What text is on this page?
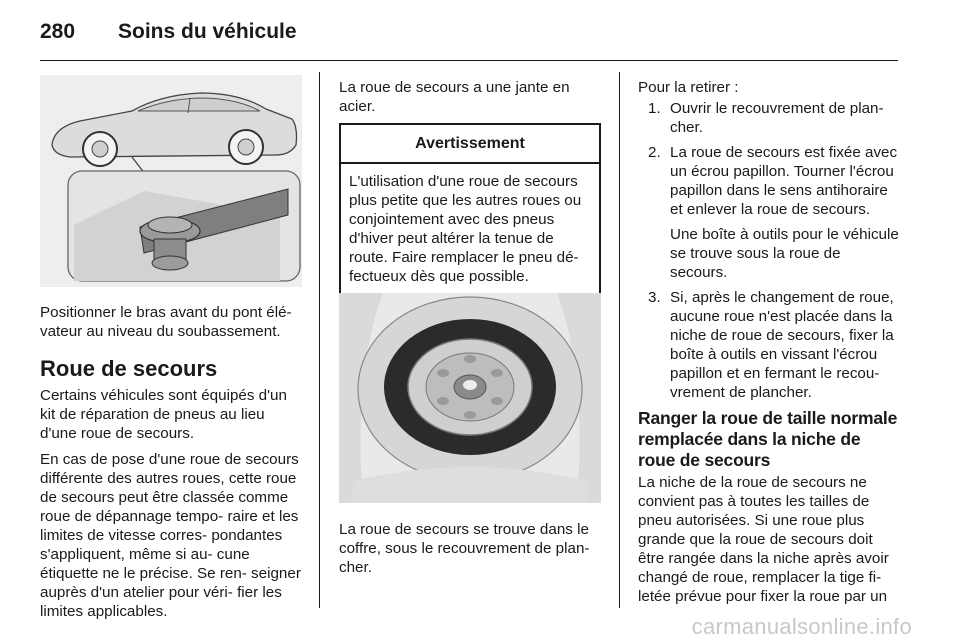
280 Soins du véhicule

Positionner le bras avant du pont élé- vateur au niveau du soubassement.

Roue de secours

Certains véhicules sont équipés d'un kit de réparation de pneus au lieu d'une roue de secours.

En cas de pose d'une roue de secours différente des autres roues, cette roue de secours peut être classée comme roue de dépannage tempo- raire et les limites de vitesse corres- pondantes s'appliquent, même si au- cune étiquette ne le précise. Se ren- seigner auprès d'un atelier pour véri- fier les limites applicables.

La roue de secours a une jante en acier.

Avertissement
L'utilisation d'une roue de secours plus petite que les autres roues ou conjointement avec des pneus d'hiver peut altérer la tenue de route. Faire remplacer le pneu dé- fectueux dès que possible.

La roue de secours se trouve dans le coffre, sous le recouvrement de plan- cher.

Pour la retirer :

1. Ouvrir le recouvrement de plan- cher.

2. La roue de secours est fixée avec un écrou papillon. Tourner l'écrou papillon dans le sens antihoraire et enlever la roue de secours.

Une boîte à outils pour le véhicule se trouve sous la roue de secours.

3. Si, après le changement de roue, aucune roue n'est placée dans la niche de roue de secours, fixer la boîte à outils en vissant l'écrou papillon et en fermant le recou- vrement de plancher.

Ranger la roue de taille normale remplacée dans la niche de roue de secours

La niche de la roue de secours ne convient pas à toutes les tailles de pneu autorisées. Si une roue plus grande que la roue de secours doit être rangée dans la niche après avoir changé de roue, remplacer la tige fi- letée prévue pour fixer la roue par un

carmanualsonline.info
